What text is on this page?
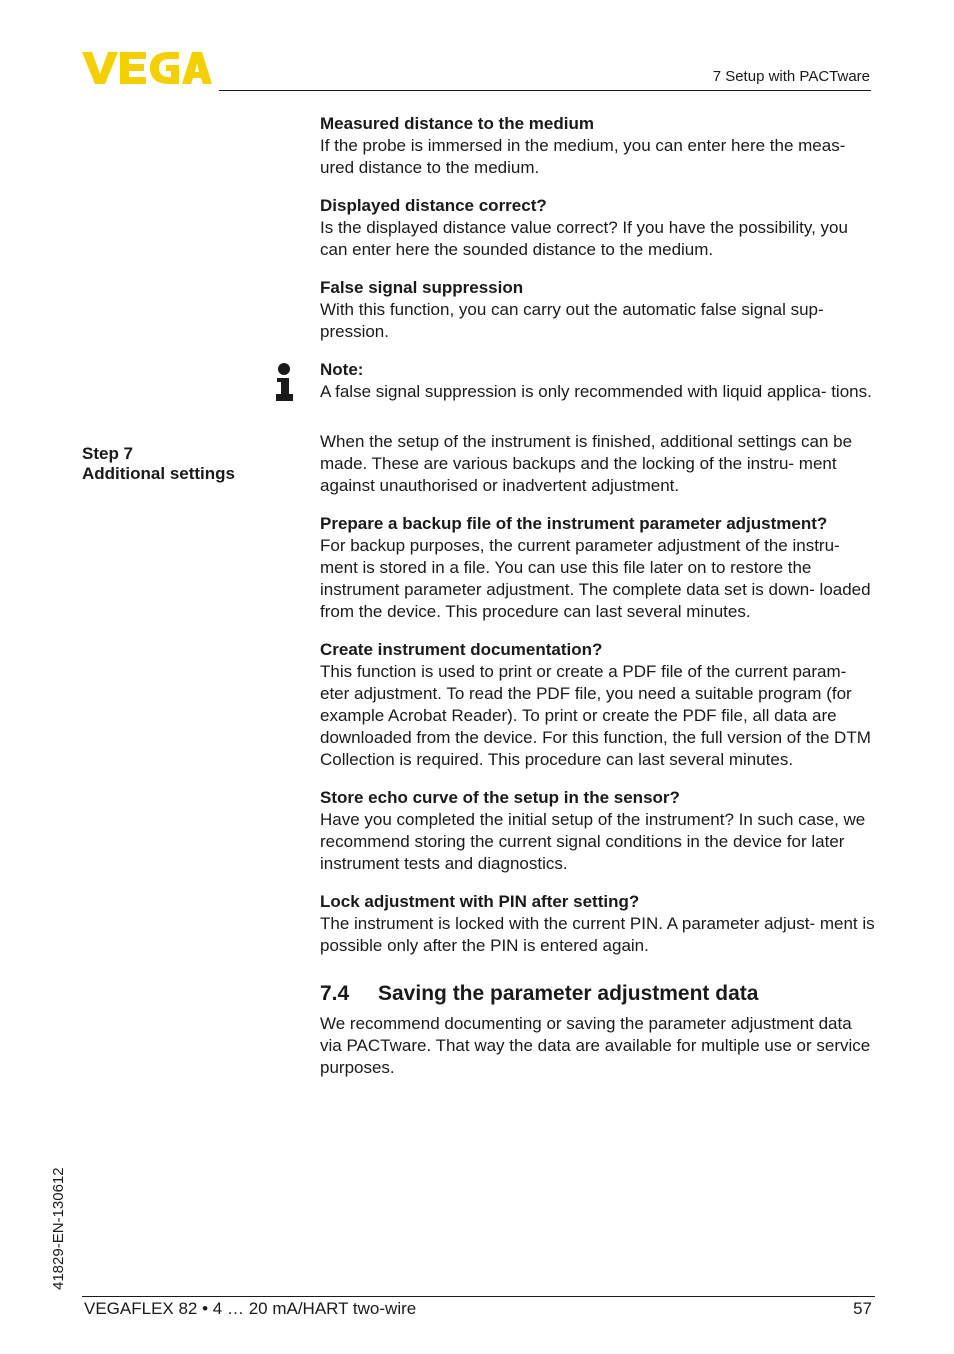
7 Setup with PACTware
Step 7
Additional settings
Measured distance to the medium

If the probe is immersed in the medium, you can enter here the meas- ured distance to the medium.

Displayed distance correct?

Is the displayed distance value correct? If you have the possibility, you can enter here the sounded distance to the medium.

False signal suppression

With this function, you can carry out the automatic false signal sup- pression.

Note:

A false signal suppression is only recommended with liquid applica- tions.

When the setup of the instrument is finished, additional settings can be made. These are various backups and the locking of the instru- ment against unauthorised or inadvertent adjustment.

Prepare a backup file of the instrument parameter adjustment?

For backup purposes, the current parameter adjustment of the instru- ment is stored in a file. You can use this file later on to restore the instrument parameter adjustment. The complete data set is down- loaded from the device. This procedure can last several minutes.

Create instrument documentation?

This function is used to print or create a PDF file of the current param- eter adjustment. To read the PDF file, you need a suitable program (for example Acrobat Reader). To print or create the PDF file, all data are downloaded from the device. For this function, the full version of the DTM Collection is required. This procedure can last several minutes.

Store echo curve of the setup in the sensor?

Have you completed the initial setup of the instrument? In such case, we recommend storing the current signal conditions in the device for later instrument tests and diagnostics.

Lock adjustment with PIN after setting?

The instrument is locked with the current PIN. A parameter adjust- ment is possible only after the PIN is entered again.

7.4 Saving the parameter adjustment data

We recommend documenting or saving the parameter adjustment data via PACTware. That way the data are available for multiple use or service purposes.

41829-EN-130612
VEGAFLEX 82 • 4 … 20 mA/HART two-wire	57
